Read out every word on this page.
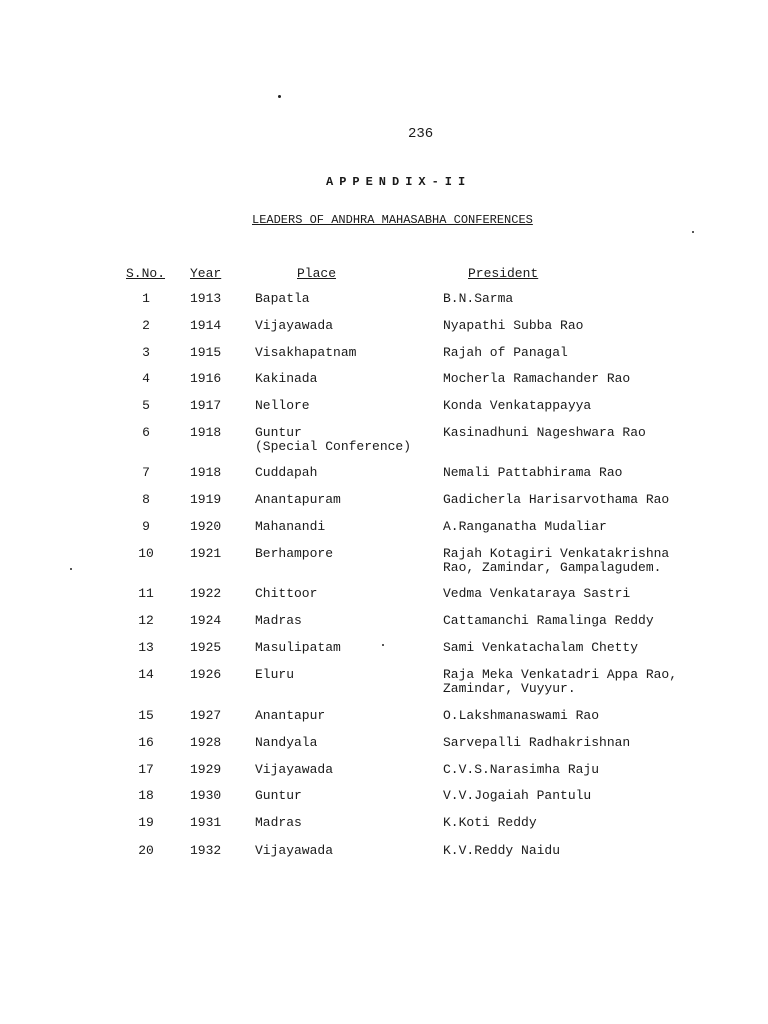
236
APPENDIX-II
LEADERS OF ANDHRA MAHASABHA CONFERENCES
S.No. Year	Place	President
1	1913	Bapatla	B.N.Sarma
2	1914	Vijayawada	Nyapathi Subba Rao
3	1915	Visakhapatnam	Rajah of Panagal
4	1916	Kakinada	Mocherla Ramachander Rao
5	1917	Nellore	Konda Venkatappayya
6	1918	Guntur	Kasinadhuni Nageshwara Rao
(Special Conference)
7	1918	Cuddapah	Nemali Pattabhirama Rao
8	1919	Anantapuram	Gadicherla Harisarvothama Rao
9	1920	Mahanandi	A.Ranganatha Mudaliar
10	1921	Berhampore	Rajah Kotagiri Venkatakrishna
Rao, Zamindar, Gampalagudem.
11	1922	Chittoor	Vedma Venkataraya Sastri
12	1924	Madras	Cattamanchi Ramalinga Reddy
13	1925	Masulipatam	Sami Venkatachalam Chetty
14	1926	Eluru	Raja Meka Venkatadri Appa Rao,
Zamindar, Vuyyur.
15	1927	Anantapur	O.Lakshmanaswami Rao
16	1928	Nandyala	Sarvepalli Radhakrishnan
17	1929	Vijayawada	C.V.S.Narasimha Raju
18	1930	Guntur	V.V.Jogaiah Pantulu
19	1931	Madras	K.Koti Reddy
20	1932	Vijayawada	K.V.Reddy Naidu
